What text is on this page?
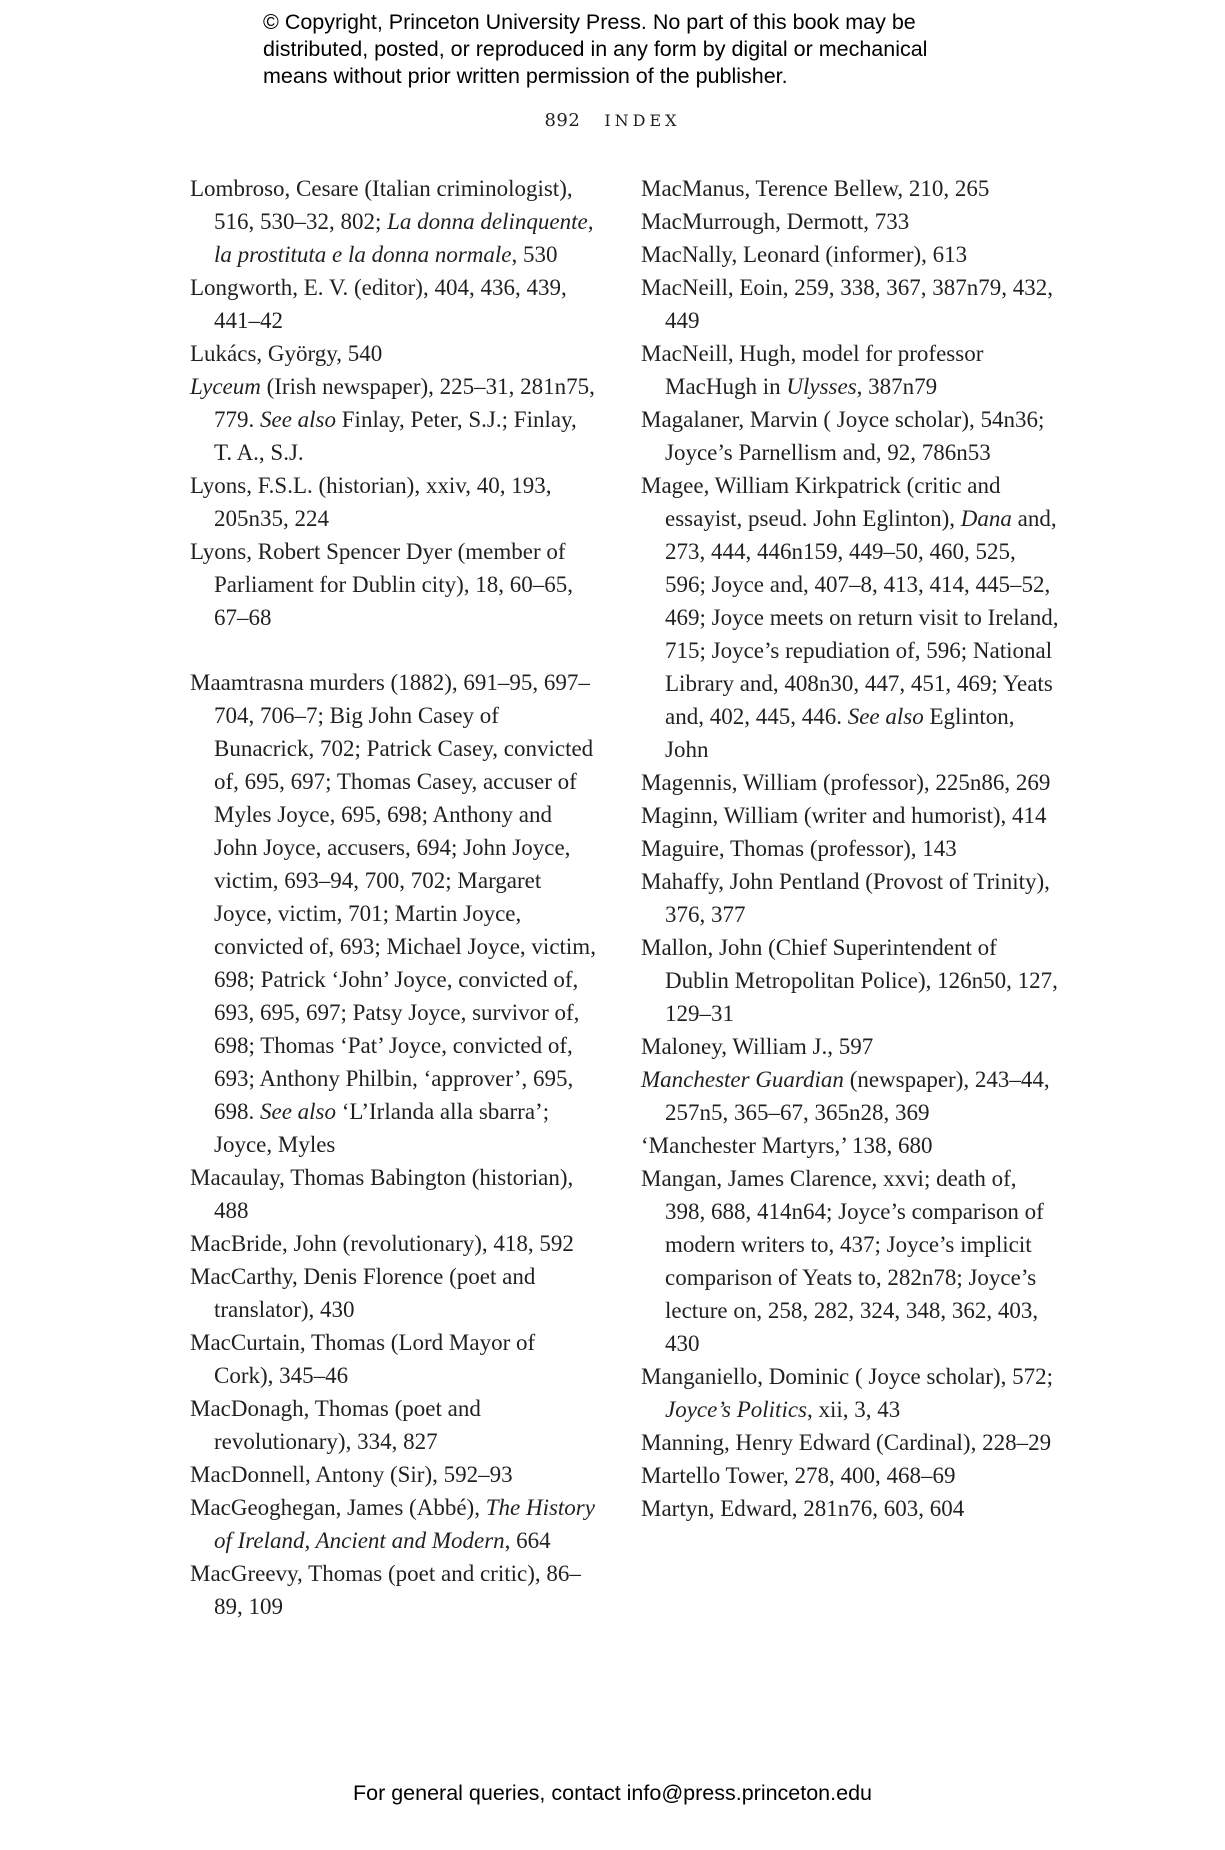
© Copyright, Princeton University Press. No part of this book may be
distributed, posted, or reproduced in any form by digital or mechanical
means without prior written permission of the publisher.
892 INDEX
Lombroso, Cesare (Italian criminologist), 516, 530–32, 802; La donna delinquente, la prostituta e la donna normale, 530
Longworth, E. V. (editor), 404, 436, 439, 441–42
Lukács, György, 540
Lyceum (Irish newspaper), 225–31, 281n75, 779. See also Finlay, Peter, S.J.; Finlay, T. A., S.J.
Lyons, F.S.L. (historian), xxiv, 40, 193, 205n35, 224
Lyons, Robert Spencer Dyer (member of Parliament for Dublin city), 18, 60–65, 67–68
Maamtrasna murders (1882), 691–95, 697–704, 706–7; Big John Casey of Bunacrick, 702; Patrick Casey, convicted of, 695, 697; Thomas Casey, accuser of Myles Joyce, 695, 698; Anthony and John Joyce, accusers, 694; John Joyce, victim, 693–94, 700, 702; Margaret Joyce, victim, 701; Martin Joyce, convicted of, 693; Michael Joyce, victim, 698; Patrick ‘John’ Joyce, convicted of, 693, 695, 697; Patsy Joyce, survivor of, 698; Thomas ‘Pat’ Joyce, convicted of, 693; Anthony Philbin, ‘approver’, 695, 698. See also ‘L’Irlanda alla sbarra’; Joyce, Myles
Macaulay, Thomas Babington (historian), 488
MacBride, John (revolutionary), 418, 592
MacCarthy, Denis Florence (poet and translator), 430
MacCurtain, Thomas (Lord Mayor of Cork), 345–46
MacDonagh, Thomas (poet and revolutionary), 334, 827
MacDonnell, Antony (Sir), 592–93
MacGeoghegan, James (Abbé), The History of Ireland, Ancient and Modern, 664
MacGreevy, Thomas (poet and critic), 86–89, 109
MacManus, Terence Bellew, 210, 265
MacMurrough, Dermott, 733
MacNally, Leonard (informer), 613
MacNeill, Eoin, 259, 338, 367, 387n79, 432, 449
MacNeill, Hugh, model for professor MacHugh in Ulysses, 387n79
Magalaner, Marvin ( Joyce scholar), 54n36; Joyce’s Parnellism and, 92, 786n53
Magee, William Kirkpatrick (critic and essayist, pseud. John Eglinton), Dana and, 273, 444, 446n159, 449–50, 460, 525, 596; Joyce and, 407–8, 413, 414, 445–52, 469; Joyce meets on return visit to Ireland, 715; Joyce’s repudiation of, 596; National Library and, 408n30, 447, 451, 469; Yeats and, 402, 445, 446. See also Eglinton, John
Magennis, William (professor), 225n86, 269
Maginn, William (writer and humorist), 414
Maguire, Thomas (professor), 143
Mahaffy, John Pentland (Provost of Trinity), 376, 377
Mallon, John (Chief Superintendent of Dublin Metropolitan Police), 126n50, 127, 129–31
Maloney, William J., 597
Manchester Guardian (newspaper), 243–44, 257n5, 365–67, 365n28, 369
‘Manchester Martyrs,’ 138, 680
Mangan, James Clarence, xxvi; death of, 398, 688, 414n64; Joyce’s comparison of modern writers to, 437; Joyce’s implicit comparison of Yeats to, 282n78; Joyce’s lecture on, 258, 282, 324, 348, 362, 403, 430
Manganiello, Dominic ( Joyce scholar), 572; Joyce’s Politics, xii, 3, 43
Manning, Henry Edward (Cardinal), 228–29
Martello Tower, 278, 400, 468–69
Martyn, Edward, 281n76, 603, 604
For general queries, contact info@press.princeton.edu
